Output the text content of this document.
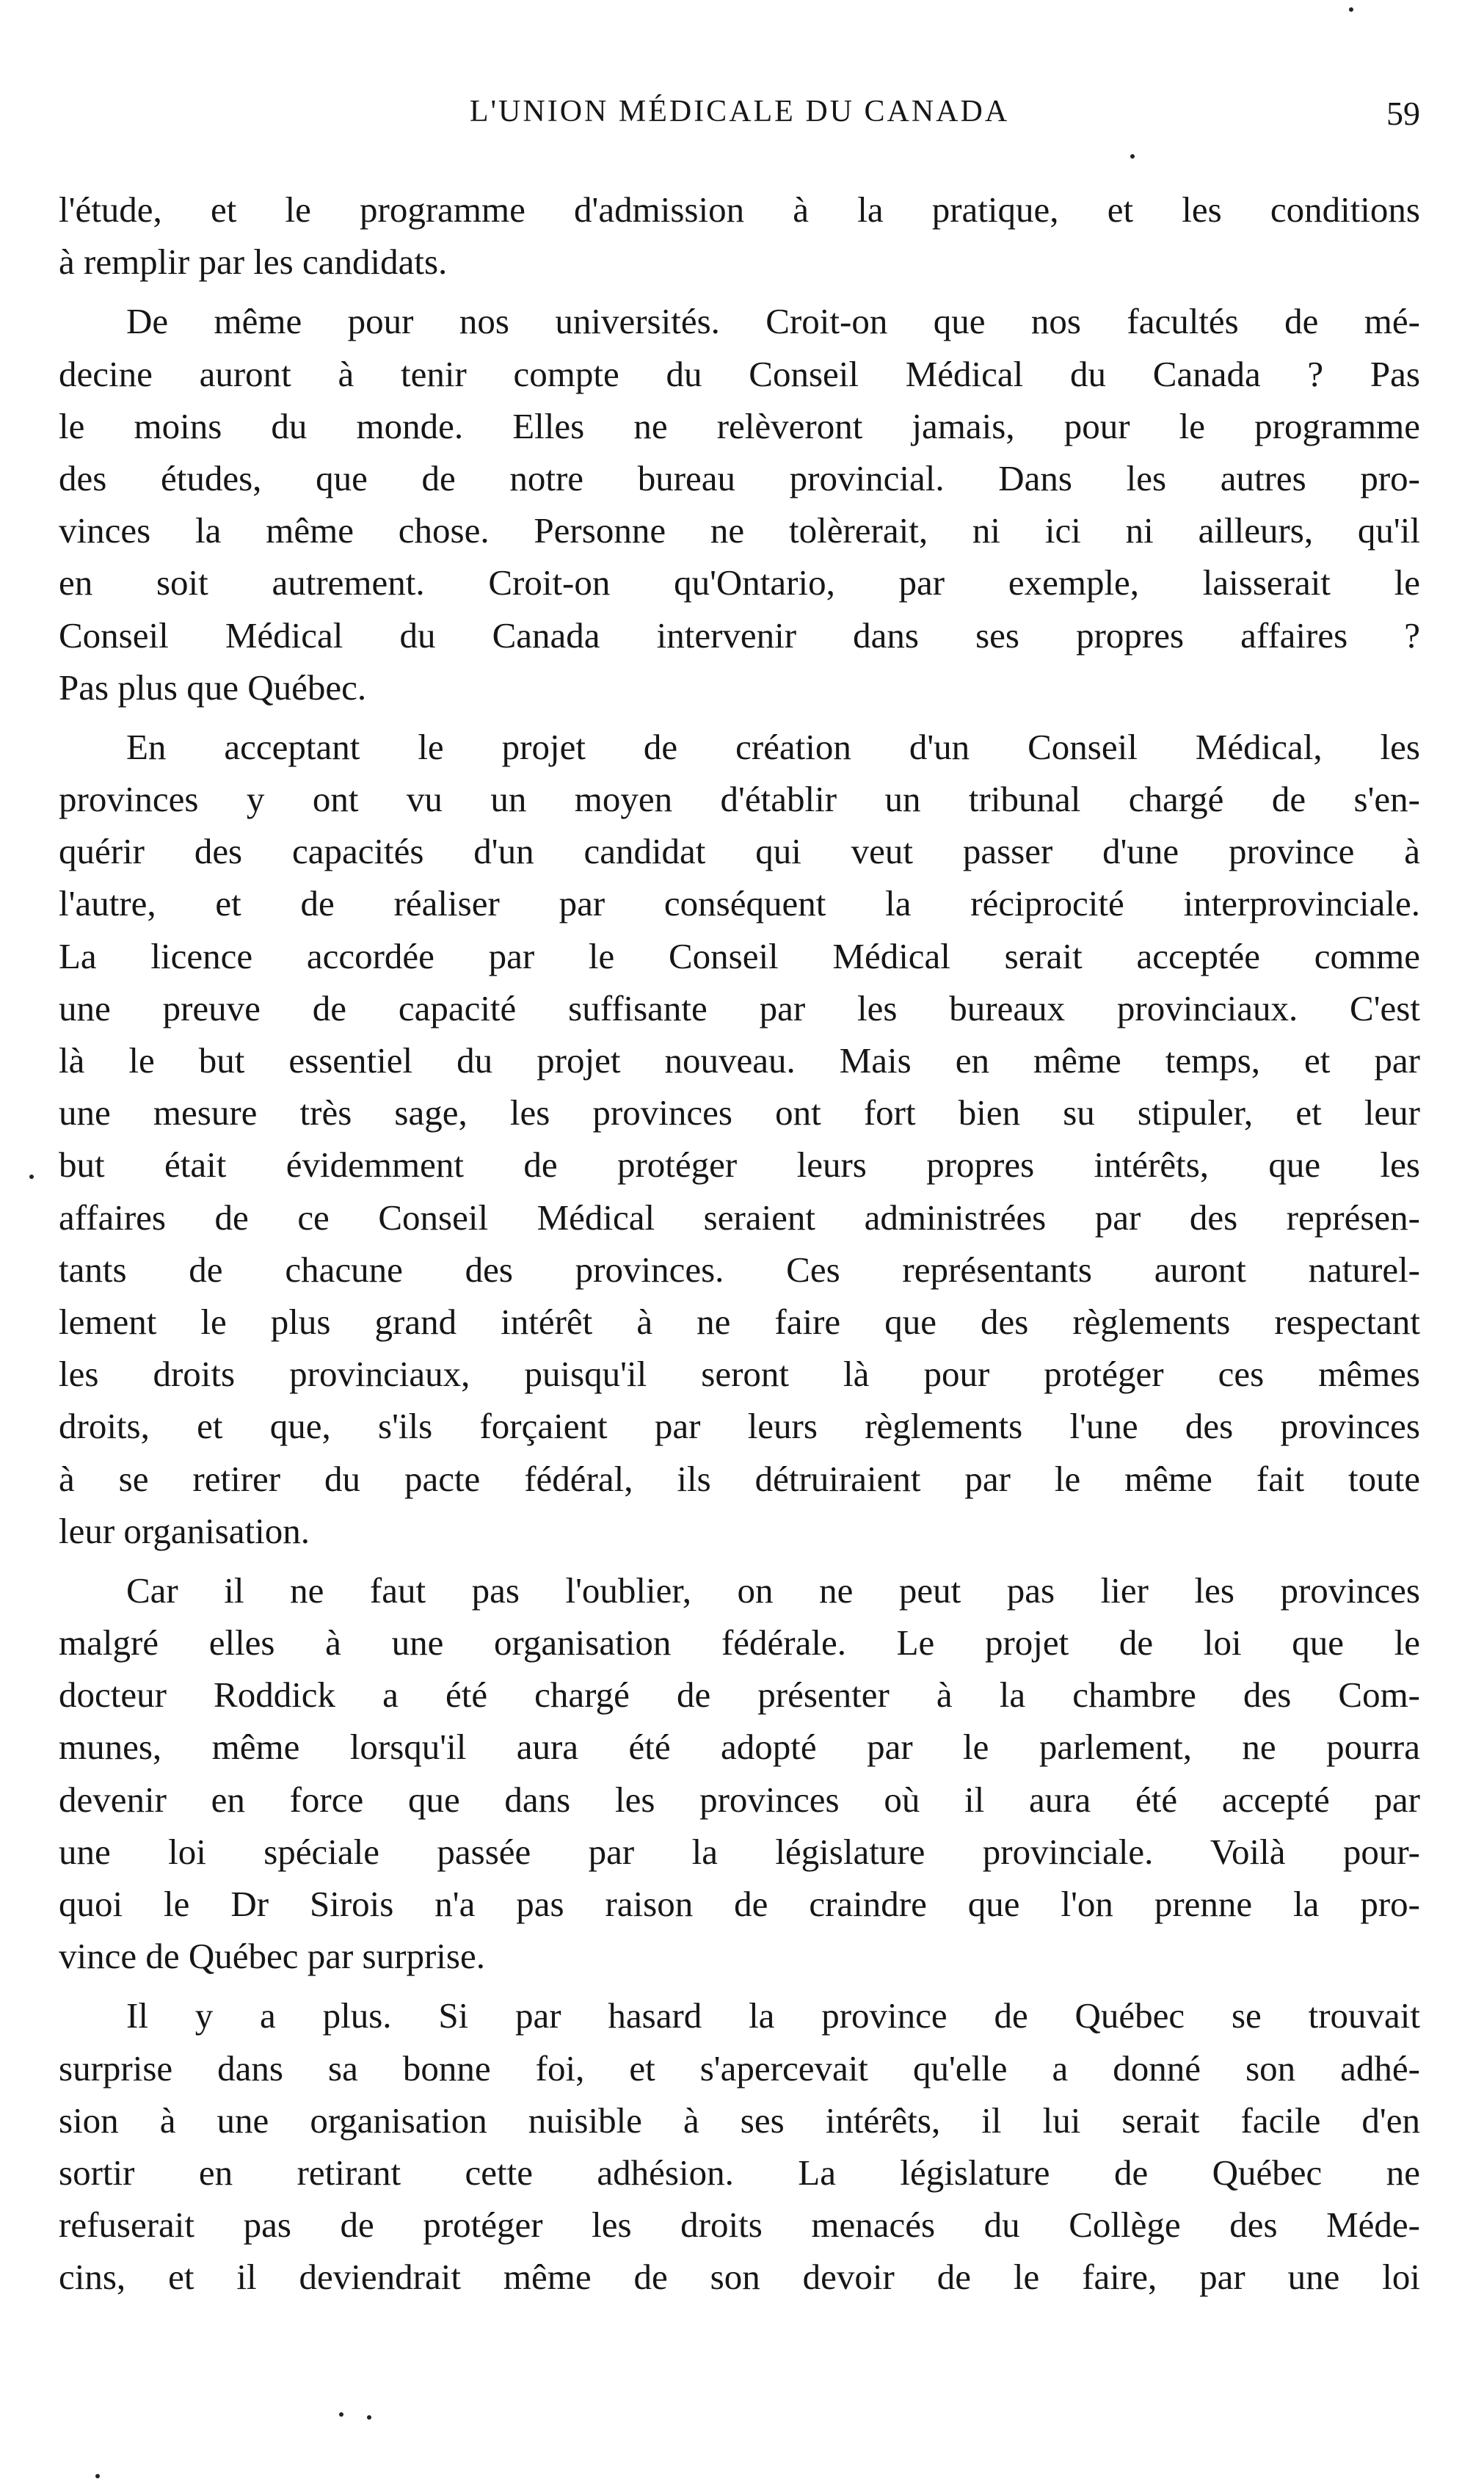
L'UNION MÉDICALE DU CANADA	59
l'étude, et le programme d'admission à la pratique, et les conditions
à remplir par les candidats.
De même pour nos universités. Croit-on que nos facultés de mé-
decine auront à tenir compte du Conseil Médical du Canada ? Pas
le moins du monde. Elles ne relèveront jamais, pour le programme
des études, que de notre bureau provincial. Dans les autres pro-
vinces la même chose. Personne ne tolèrerait, ni ici ni ailleurs, qu'il
en soit autrement. Croit-on qu'Ontario, par exemple, laisserait le
Conseil Médical du Canada intervenir dans ses propres affaires ?
Pas plus que Québec.
En acceptant le projet de création d'un Conseil Médical, les
provinces y ont vu un moyen d'établir un tribunal chargé de s'en-
quérir des capacités d'un candidat qui veut passer d'une province à
l'autre, et de réaliser par conséquent la réciprocité interprovinciale.
La licence accordée par le Conseil Médical serait acceptée comme
une preuve de capacité suffisante par les bureaux provinciaux. C'est
là le but essentiel du projet nouveau. Mais en même temps, et par
une mesure très sage, les provinces ont fort bien su stipuler, et leur
but était évidemment de protéger leurs propres intérêts, que les
affaires de ce Conseil Médical seraient administrées par des représen-
tants de chacune des provinces. Ces représentants auront naturel-
lement le plus grand intérêt à ne faire que des règlements respectant
les droits provinciaux, puisqu'il seront là pour protéger ces mêmes
droits, et que, s'ils forçaient par leurs règlements l'une des provinces
à se retirer du pacte fédéral, ils détruiraient par le même fait toute
leur organisation.
Car il ne faut pas l'oublier, on ne peut pas lier les provinces
malgré elles à une organisation fédérale. Le projet de loi que le
docteur Roddick a été chargé de présenter à la chambre des Com-
munes, même lorsqu'il aura été adopté par le parlement, ne pourra
devenir en force que dans les provinces où il aura été accepté par
une loi spéciale passée par la législature provinciale. Voilà pour-
quoi le Dr Sirois n'a pas raison de craindre que l'on prenne la pro-
vince de Québec par surprise.
Il y a plus. Si par hasard la province de Québec se trouvait
surprise dans sa bonne foi, et s'apercevait qu'elle a donné son adhé-
sion à une organisation nuisible à ses intérêts, il lui serait facile d'en
sortir en retirant cette adhésion. La législature de Québec ne
refuserait pas de protéger les droits menacés du Collège des Méde-
cins, et il deviendrait même de son devoir de le faire, par une loi
